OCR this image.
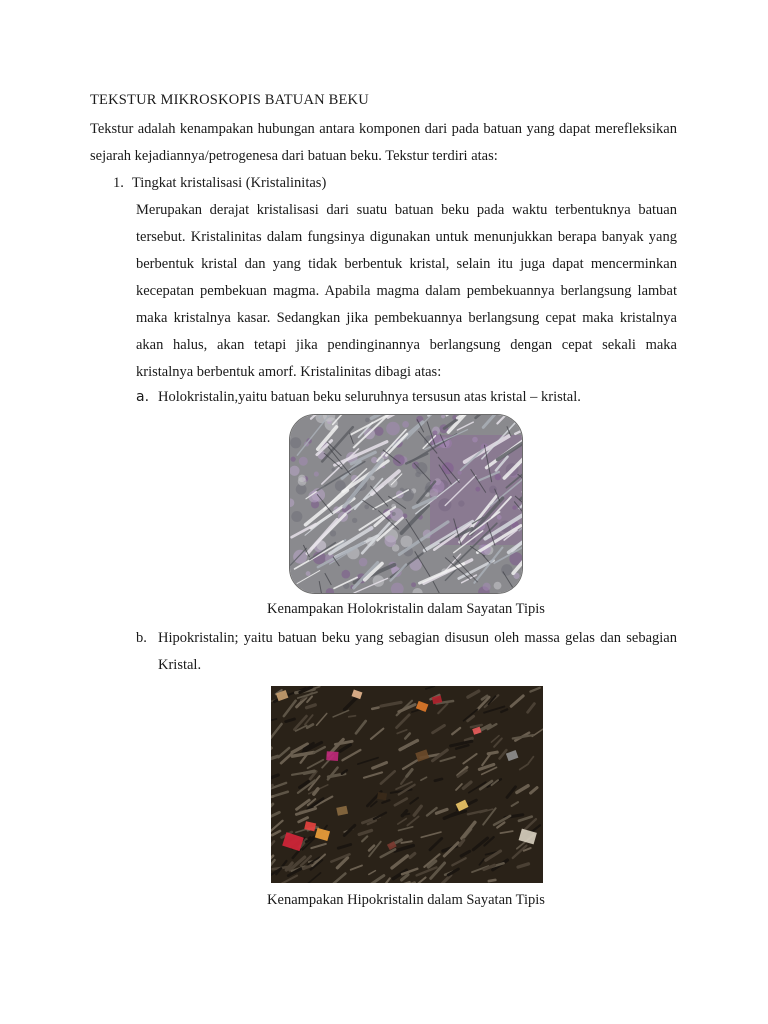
TEKSTUR MIKROSKOPIS BATUAN BEKU

Tekstur adalah kenampakan hubungan antara komponen dari pada batuan yang dapat merefleksikan sejarah kejadiannya/petrogenesa dari batuan beku. Tekstur terdiri atas:

1. Tingkat kristalisasi (Kristalinitas)

Merupakan derajat kristalisasi dari suatu batuan beku pada waktu terbentuknya batuan tersebut. Kristalinitas dalam fungsinya digunakan untuk menunjukkan berapa banyak yang berbentuk kristal dan yang tidak berbentuk kristal, selain itu juga dapat mencerminkan kecepatan pembekuan magma. Apabila magma dalam pembekuannya berlangsung lambat maka kristalnya kasar. Sedangkan jika pembekuannya berlangsung cepat maka kristalnya akan halus, akan tetapi jika pendinginannya berlangsung dengan cepat sekali maka kristalnya berbentuk amorf. Kristalinitas dibagi atas:

a. Holokristalin,yaitu batuan beku seluruhnya tersusun atas kristal – kristal.
Kenampakan Holokristalin dalam Sayatan Tipis
b. Hipokristalin; yaitu batuan beku yang sebagian disusun oleh massa gelas dan sebagian Kristal.
Kenampakan Hipokristalin dalam Sayatan Tipis
